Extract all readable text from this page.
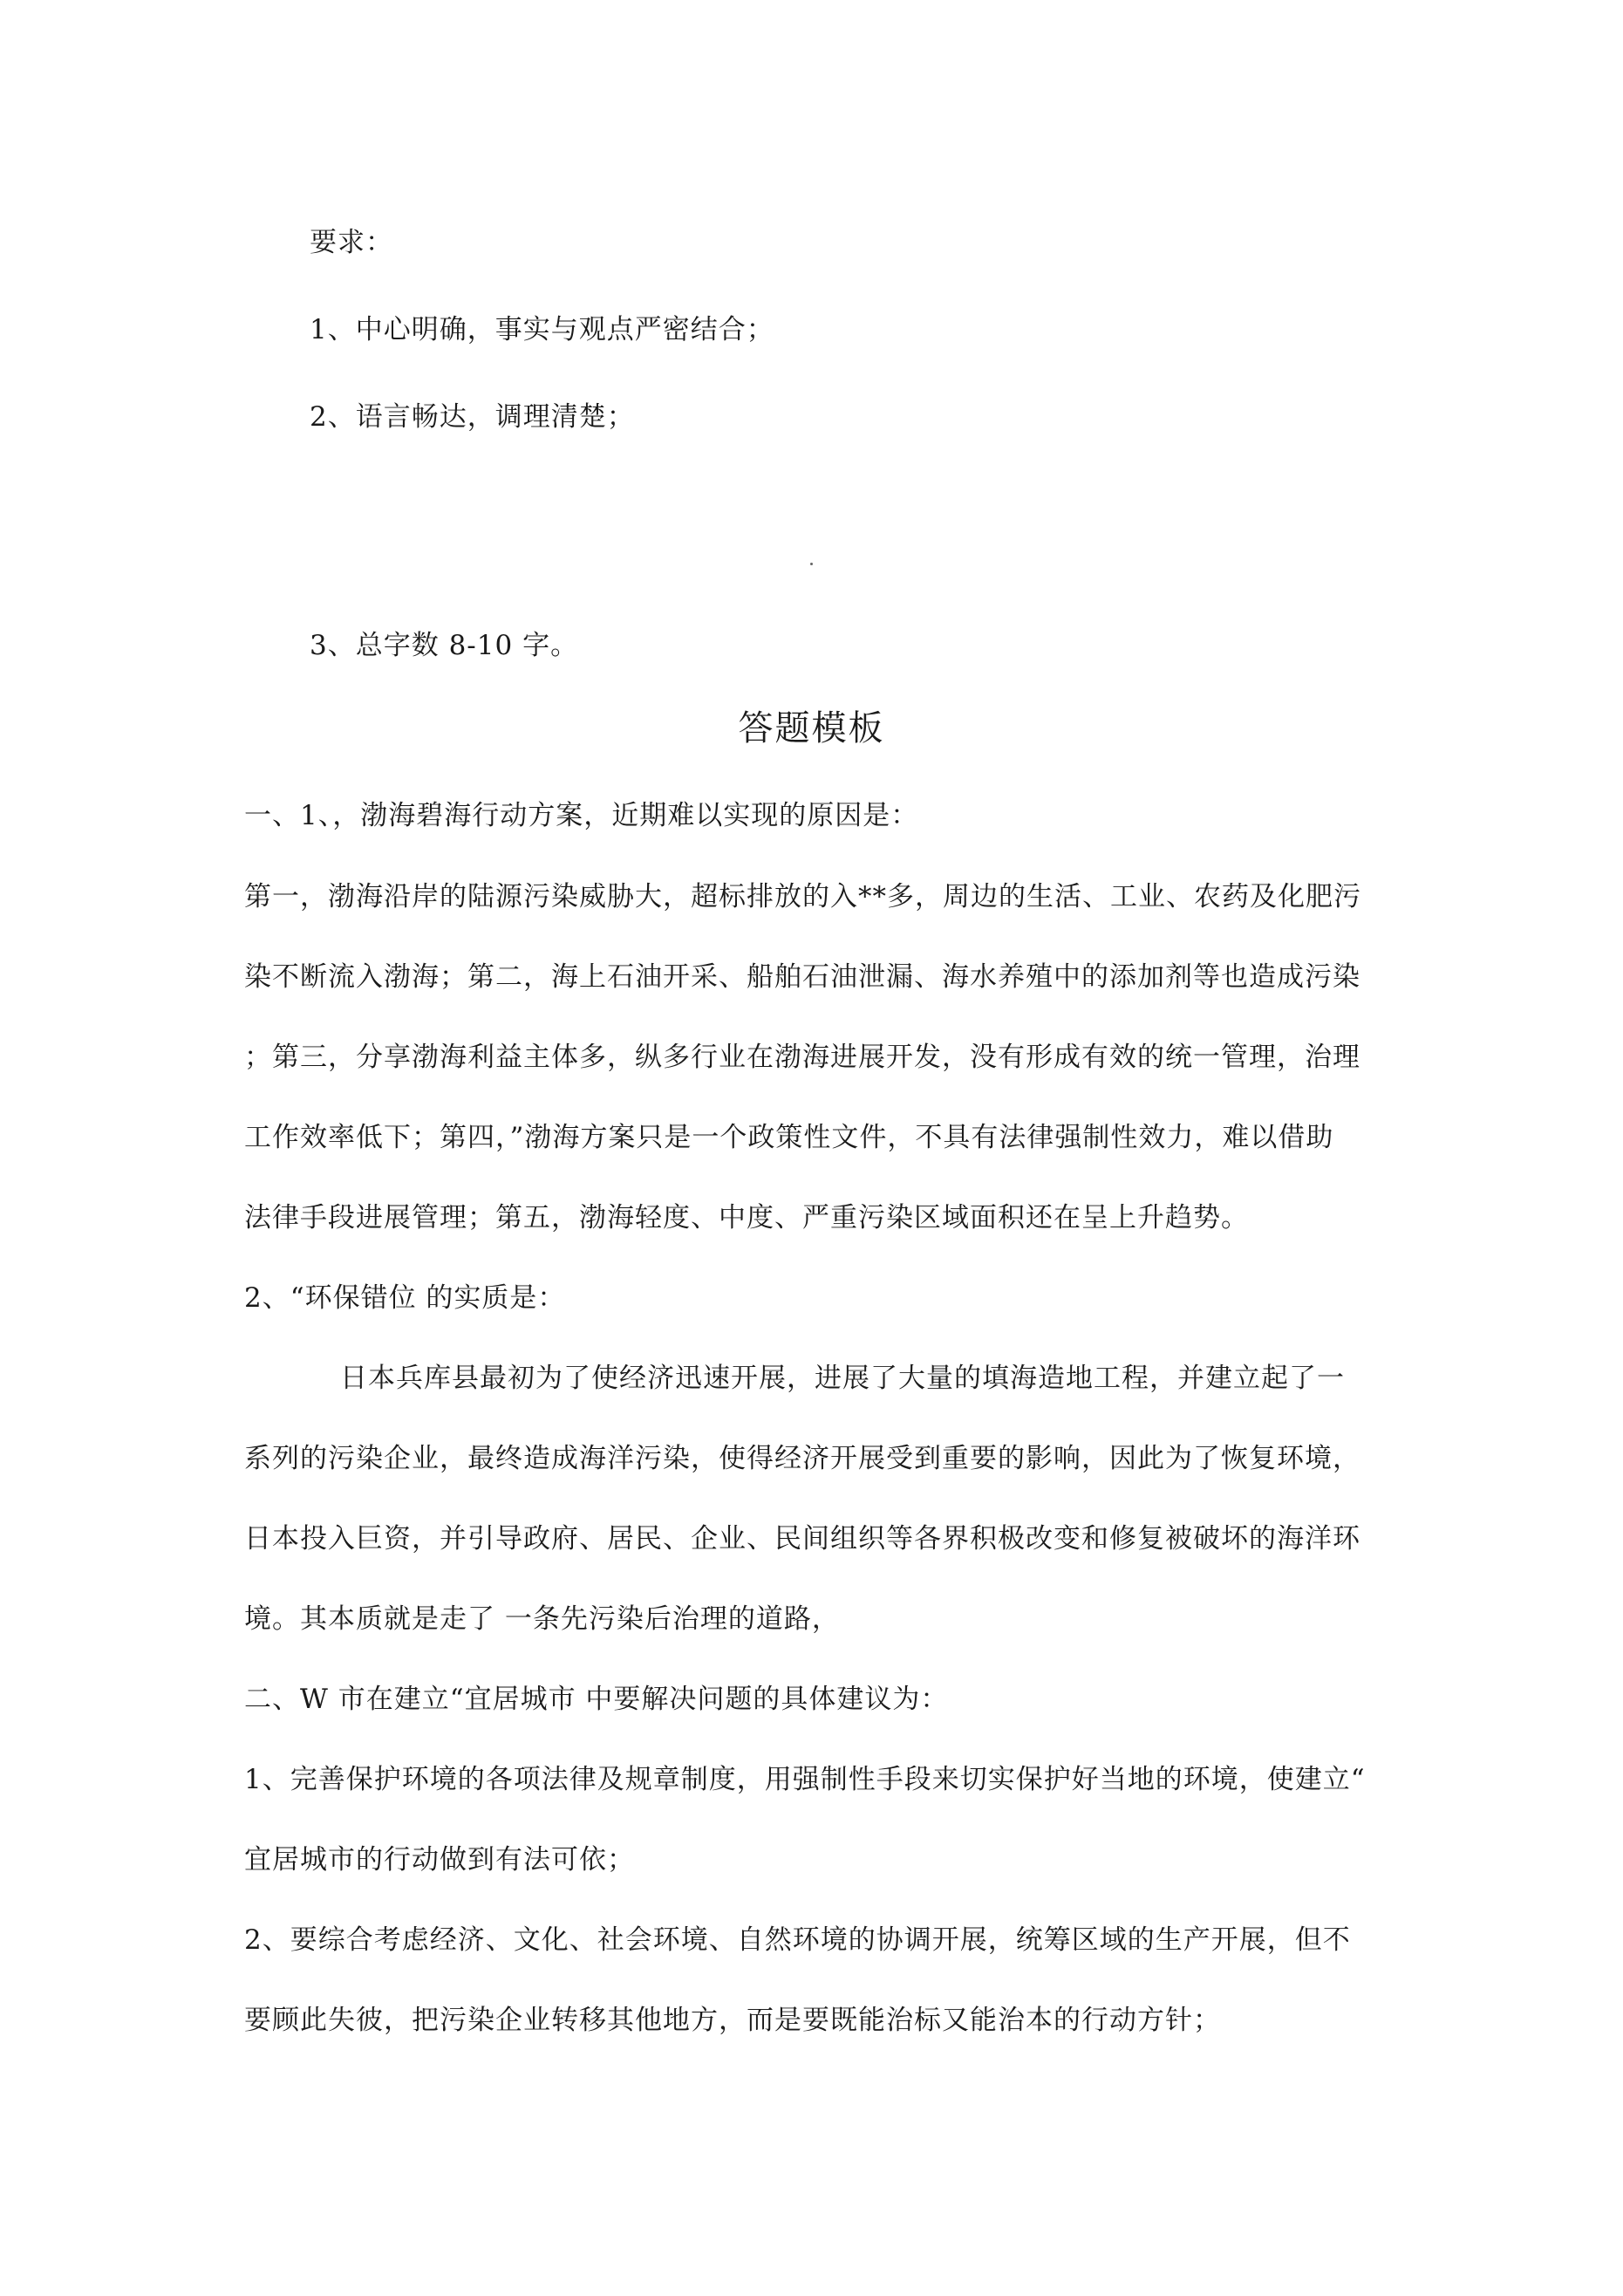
要求：
1、中心明确，事实与观点严密结合；
2、语言畅达，调理清楚；
3、总字数 8-10 字。
答题模板
一、1、，渤海碧海行动方案，近期难以实现的原因是：
第一，渤海沿岸的陆源污染威胁大，超标排放的入**多，周边的生活、工业、农药及化肥污
染不断流入渤海；第二，海上石油开采、船舶石油泄漏、海水养殖中的添加剂等也造成污染
；第三，分享渤海利益主体多，纵多行业在渤海进展开发，没有形成有效的统一管理，治理
工作效率低下；第四，”渤海方案只是一个政策性文件，不具有法律强制性效力，难以借助
法律手段进展管理；第五，渤海轻度、中度、严重污染区域面积还在呈上升趋势。
2、“环保错位 的实质是：
日本兵库县最初为了使经济迅速开展，进展了大量的填海造地工程，并建立起了一
系列的污染企业，最终造成海洋污染，使得经济开展受到重要的影响，因此为了恢复环境，
日本投入巨资，并引导政府、居民、企业、民间组织等各界积极改变和修复被破坏的海洋环
境。其本质就是走了 一条先污染后治理的道路，
二、W 市在建立“宜居城市 中要解决问题的具体建议为：
1、完善保护环境的各项法律及规章制度，用强制性手段来切实保护好当地的环境，使建立“
宜居城市的行动做到有法可依；
2、要综合考虑经济、文化、社会环境、自然环境的协调开展，统筹区域的生产开展，但不
要顾此失彼，把污染企业转移其他地方，而是要既能治标又能治本的行动方针；
